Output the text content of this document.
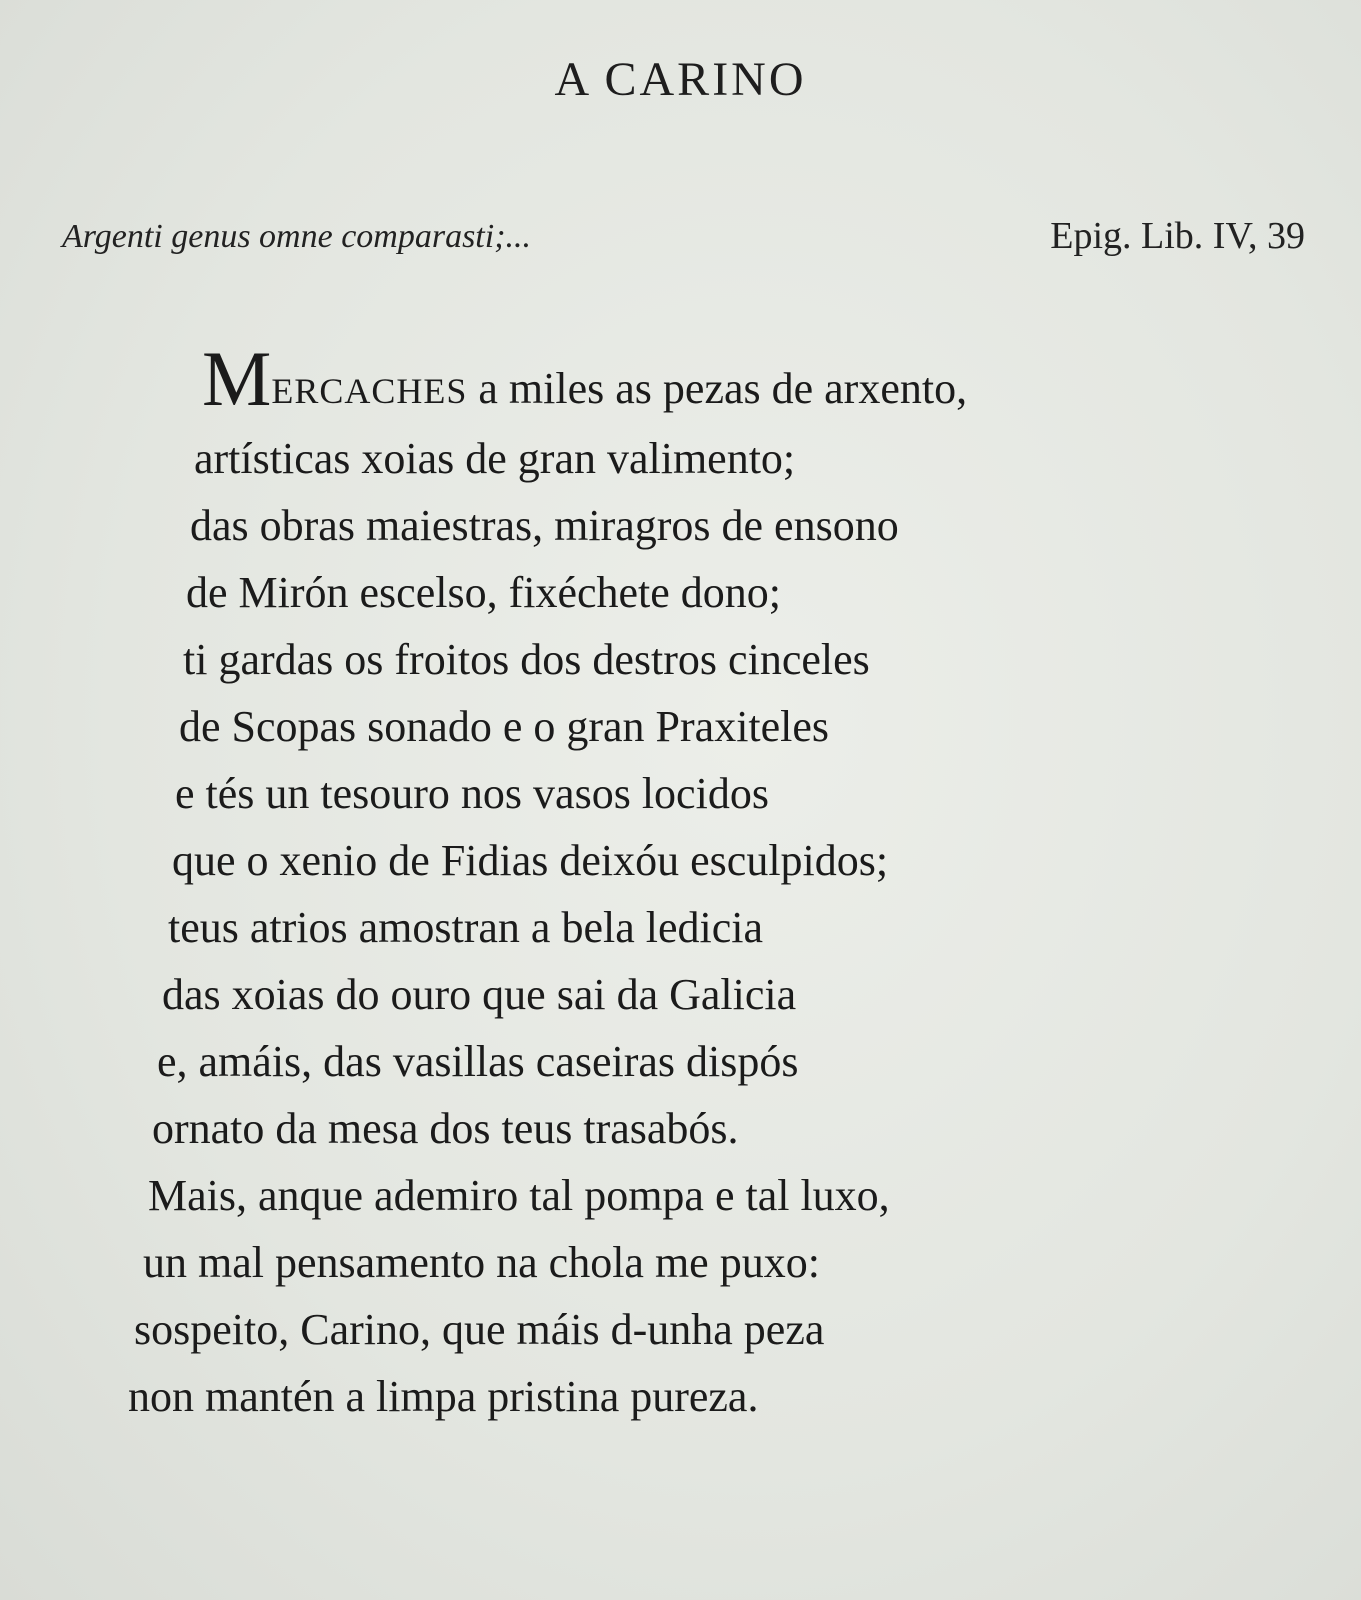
A CARINO
Argenti genus omne comparasti;...	Epig. Lib. IV, 39
MERCACHES a miles as pezas de arxento,
artísticas xoias de gran valimento;
das obras maiestras, miragros de ensono
de Mirón escelso, fixéchete dono;
ti gardas os froitos dos destros cinceles
de Scopas sonado e o gran Praxiteles
e tés un tesouro nos vasos locidos
que o xenio de Fidias deixóu esculpidos;
teus atrios amostran a bela ledicia
das xoias do ouro que sai da Galicia
e, amáis, das vasillas caseiras dispós
ornato da mesa dos teus trasabós.
Mais, anque ademiro tal pompa e tal luxo,
un mal pensamento na chola me puxo:
sospeito, Carino, que máis d-unha peza
non mantén a limpa pristina pureza.
